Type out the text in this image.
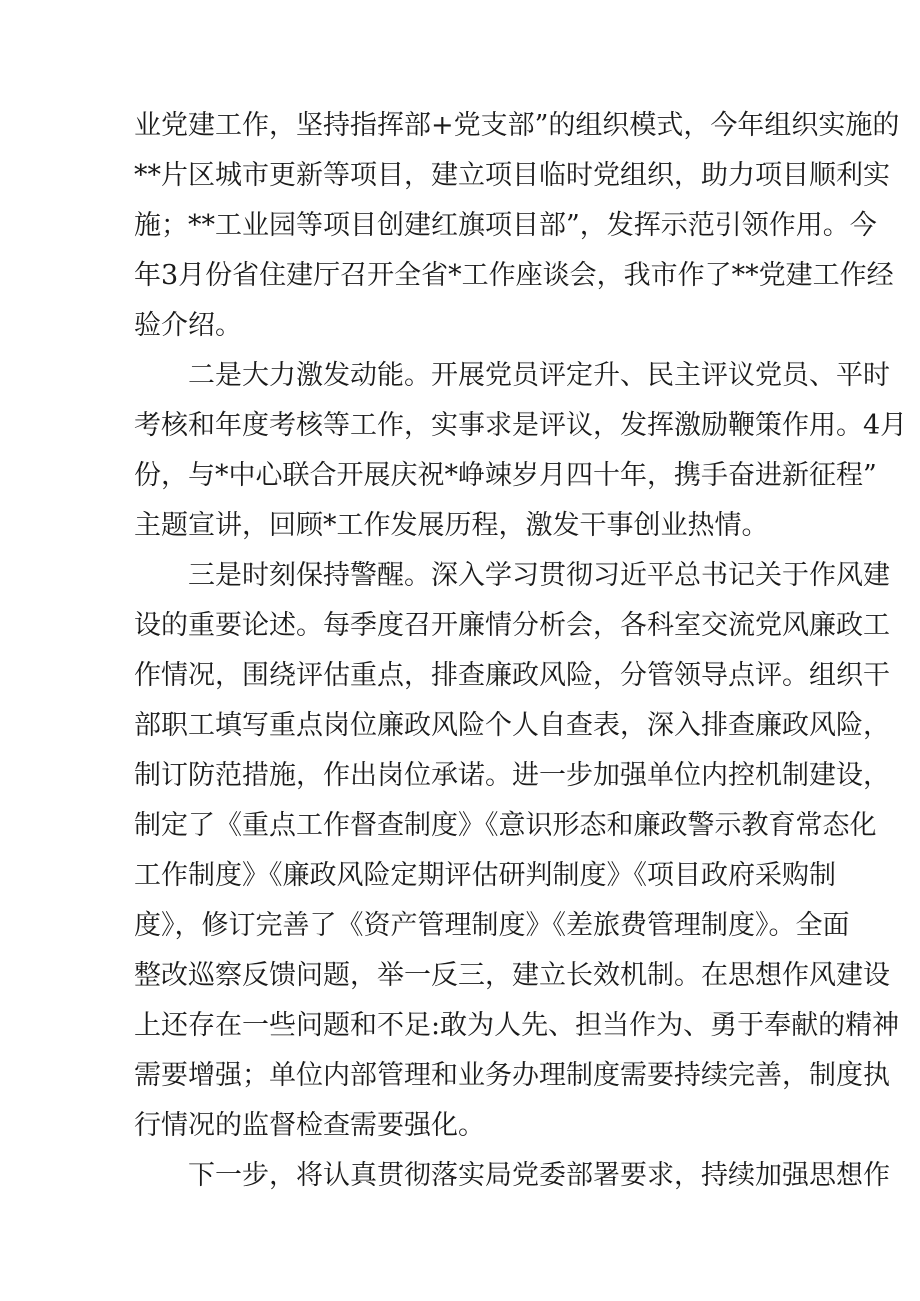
业党建工作，坚持指挥部+党支部”的组织模式，今年组织实施的
**片区城市更新等项目，建立项目临时党组织，助力项目顺利实
施；**工业园等项目创建红旗项目部”，发挥示范引领作用。今
年3月份省住建厅召开全省*工作座谈会，我市作了**党建工作经
验介绍。
二是大力激发动能。开展党员评定升、民主评议党员、平时
考核和年度考核等工作，实事求是评议，发挥激励鞭策作用。4月
份，与*中心联合开展庆祝*峥竦岁月四十年，携手奋进新征程”
主题宣讲，回顾*工作发展历程，激发干事创业热情。
三是时刻保持警醒。深入学习贯彻习近平总书记关于作风建
设的重要论述。每季度召开廉情分析会，各科室交流党风廉政工
作情况，围绕评估重点，排查廉政风险，分管领导点评。组织干
部职工填写重点岗位廉政风险个人自查表，深入排查廉政风险，
制订防范措施，作出岗位承诺。进一步加强单位内控机制建设，
制定了《重点工作督查制度》《意识形态和廉政警示教育常态化
工作制度》《廉政风险定期评估研判制度》《项目政府采购制
度》，修订完善了《资产管理制度》《差旅费管理制度》。全面
整改巡察反馈问题，举一反三，建立长效机制。在思想作风建设
上还存在一些问题和不足:敢为人先、担当作为、勇于奉献的精神
需要增强；单位内部管理和业务办理制度需要持续完善，制度执
行情况的监督检查需要强化。
下一步，将认真贯彻落实局党委部署要求，持续加强思想作
